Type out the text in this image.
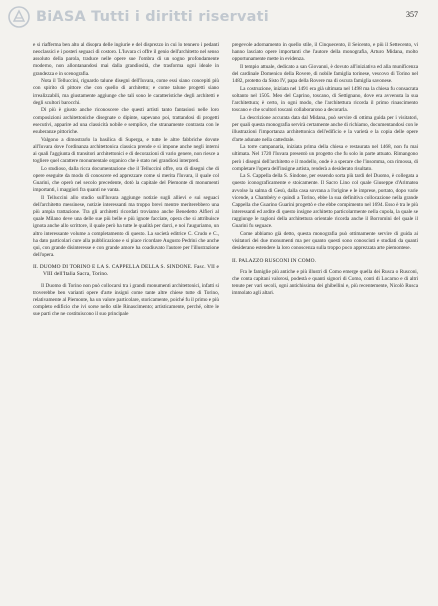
BiASA Tutti i diritti riservati	357

e si riafferma ben alto al disopra delle ingiurie e del disprezzo in cui lo tennero i pedanti neoclassici e i posteri seguaci di costoro. L'Iuvara ci offre il genio dell'architetto nel senso assoluto della parola, traduce nelle opere sue l'ombra di un sogno profondamente moderno, non allontanandosi mai dalla grandiosità, che trasforma ogni ideale in grandezza e in scenografia.

Nota il Telluccini, riguardo talune disegni dell'Iuvara, come essi siano concepiti più con spirito di pittore che con quello di architetto; e come talune progetti siano irrealizzabili, ma giustamente aggiunge che tali sono le caratteristiche degli architetti e degli scultori barocchi.

Di più è giusto anche riconoscere che questi artisti tanto fantasiosi nelle loro composizioni architettoniche disegnate o dipinte, sapevano poi, trattandosi di progetti esecutivi, apparire ad una classicità nobile e semplice, che stranamente contrasta con le esuberanze pittoriche.

Valgono a dimostrarlo la basilica di Superga, e tutte le altre fabbriche dovute all'Iuvara dove l'ordinanza architettonica classica prende e si impone anche negli interni ai quali l'aggiunta di transitori architettonici e di decorazioni di vario genere, non riesce a togliere quel carattere monumentale organico che è stato nei grandiosi interpreti.

Lo studioso, dalla ricca documentazione che il Telluccini offre, ora di disegni che di opere eseguite da modo di conoscere ed apprezzare come si merita l'Iuvara, il quale col Guarini, che operò nel secolo precedente, dotò la capitale del Piemonte di monumenti importanti, i maggiori fra quanti ne vanta.

Il Telluccini allo studio sull'Iuvara aggiunge notizie sugli allievi e sui seguaci dell'architetto messinese, notizie interessanti ma troppo brevi mentre meriterebbero una più ampia trattazione. Tra gli architetti ricordati troviamo anche Benedetto Alfieri al quale Milano deve una delle sue più belle e più ignote facciate, opera che si attribuisce ignota anche allo scrittore, il quale però ha tutte le qualità per darci, e noi l'auguriamo, un altro interessante volume a completamento di questo. La società editrice C. Crudo e C., ha dato particolari cure alla pubblicazione e si piace ricordare Augusto Pedrini che anche qui, con grande disinteresse e con grande amore ha coadiuvato l'autore per l'illustrazione dell'opera.

II. DUOMO DI TORINO E LA S. CAPPELLA DELLA S. SINDONE. Fasc. VII e VIII dell'Italia Sacra, Torino.

Il Duomo di Torino non può collocarsi tra i grandi monumenti architettonici, infatti si troverebbe ben varianti opere d'arte insigni come tante altre chiese tutte di Torino, relativamente al Piemonte, ha un valore particolare, storicamente, poiché fu il primo e più completo edificio che ivi sorse nello stile Rinascimento; artisticamente, perché, oltre le sue parti che ne costituiscono il suo principale

pregevole adornamento in quello stile, il Cinquecento, il Seicento, e più il Settecento, vi hanno lasciato opere importanti che l'autore della monografia, Arturo Midana, molto opportunamente mette in evidenza.

Il tempio attuale, dedicato a san Giovanni, è dovuto all'iniziativa ed alla munificenza del cardinale Domenico della Rovere, di nobile famiglia torinese, vescovo di Torino nel 1482, protetto da Sisto IV, papa della Rovere ma di oscura famiglia savonese.

La costruzione, iniziata nel 1491 era già ultimata nel 1498 ma la chiesa fu consacrata soltanto nel 1505. Meo del Caprino, toscano, di Settignano, dove era avvenuta la sua l'architettura; è certo, in ogni modo, che l'architettura ricorda il primo rinascimento toscano e che scultori toscani collaborarono a decorarla.

La descrizione accurata data dal Midana, può servire di ottima guida per i visitatori, per quali questa monografia servirà certamente anche di richiamo, documentandosi con le illustrazioni l'importanza architettonica dell'edificio e la varietà e la copia delle opere d'arte adunate nella cattedrale.

La torre campanaria, iniziata prima della chiesa e restaurata nel 1468, non fu mai ultimata. Nel 1720 l'Iuvara presentò un progetto che fu solo in parte attuato. Rimangono però i disegni dell'architetto e il modello, onde è a sperare che l'insomma, ora rimossa, di completare l'opera dell'insigne artista, renderà a desiderato risultato.

La S. Cappella della S. Sindone, per essendo sorta più tardi del Duomo, è collegata a questo iconograficamente e stoicamente. Il Sacro Lino col quale Giuseppe d'Arimatea avvolse la salma di Gesù, dalla casa sovrana a l'origine e le imprese, portato, dopo varie vicende, a Chambéry e quindi a Torino, ebbe la sua definitiva collocazione nella grande Cappella che Guarino Guarini progettò e che ebbe compimento nel 1694. Esso è tra le più interessanti ed ardite di questo insigne architetto particolarmente nella cupola, la quale se raggiunge le ragioni della architettura orientale ricorda anche il Borromini del quale il Guarini fu seguace.

Come abbiamo già detto, questa monografia può ottimamente servire di guida ai visitatori dei due monumenti ma per quanto questi sono conosciuti e studiati da quanti desiderano estendere la loro conoscenza sulla troppo poco apprezzata arte piemontese.

II. PALAZZO RUSCONI IN COMO.

Fra le famiglie più antiche e più illustri di Como emerge quella dei Rusca o Rusconi, che conta capitani valorosi, podestà e quanti signori di Como, conti di Locarno e di altri tenute per vari secoli, ogni antichissima dei ghibellini e, più recentemente, Nicolò Rusca immolato agli altari.
